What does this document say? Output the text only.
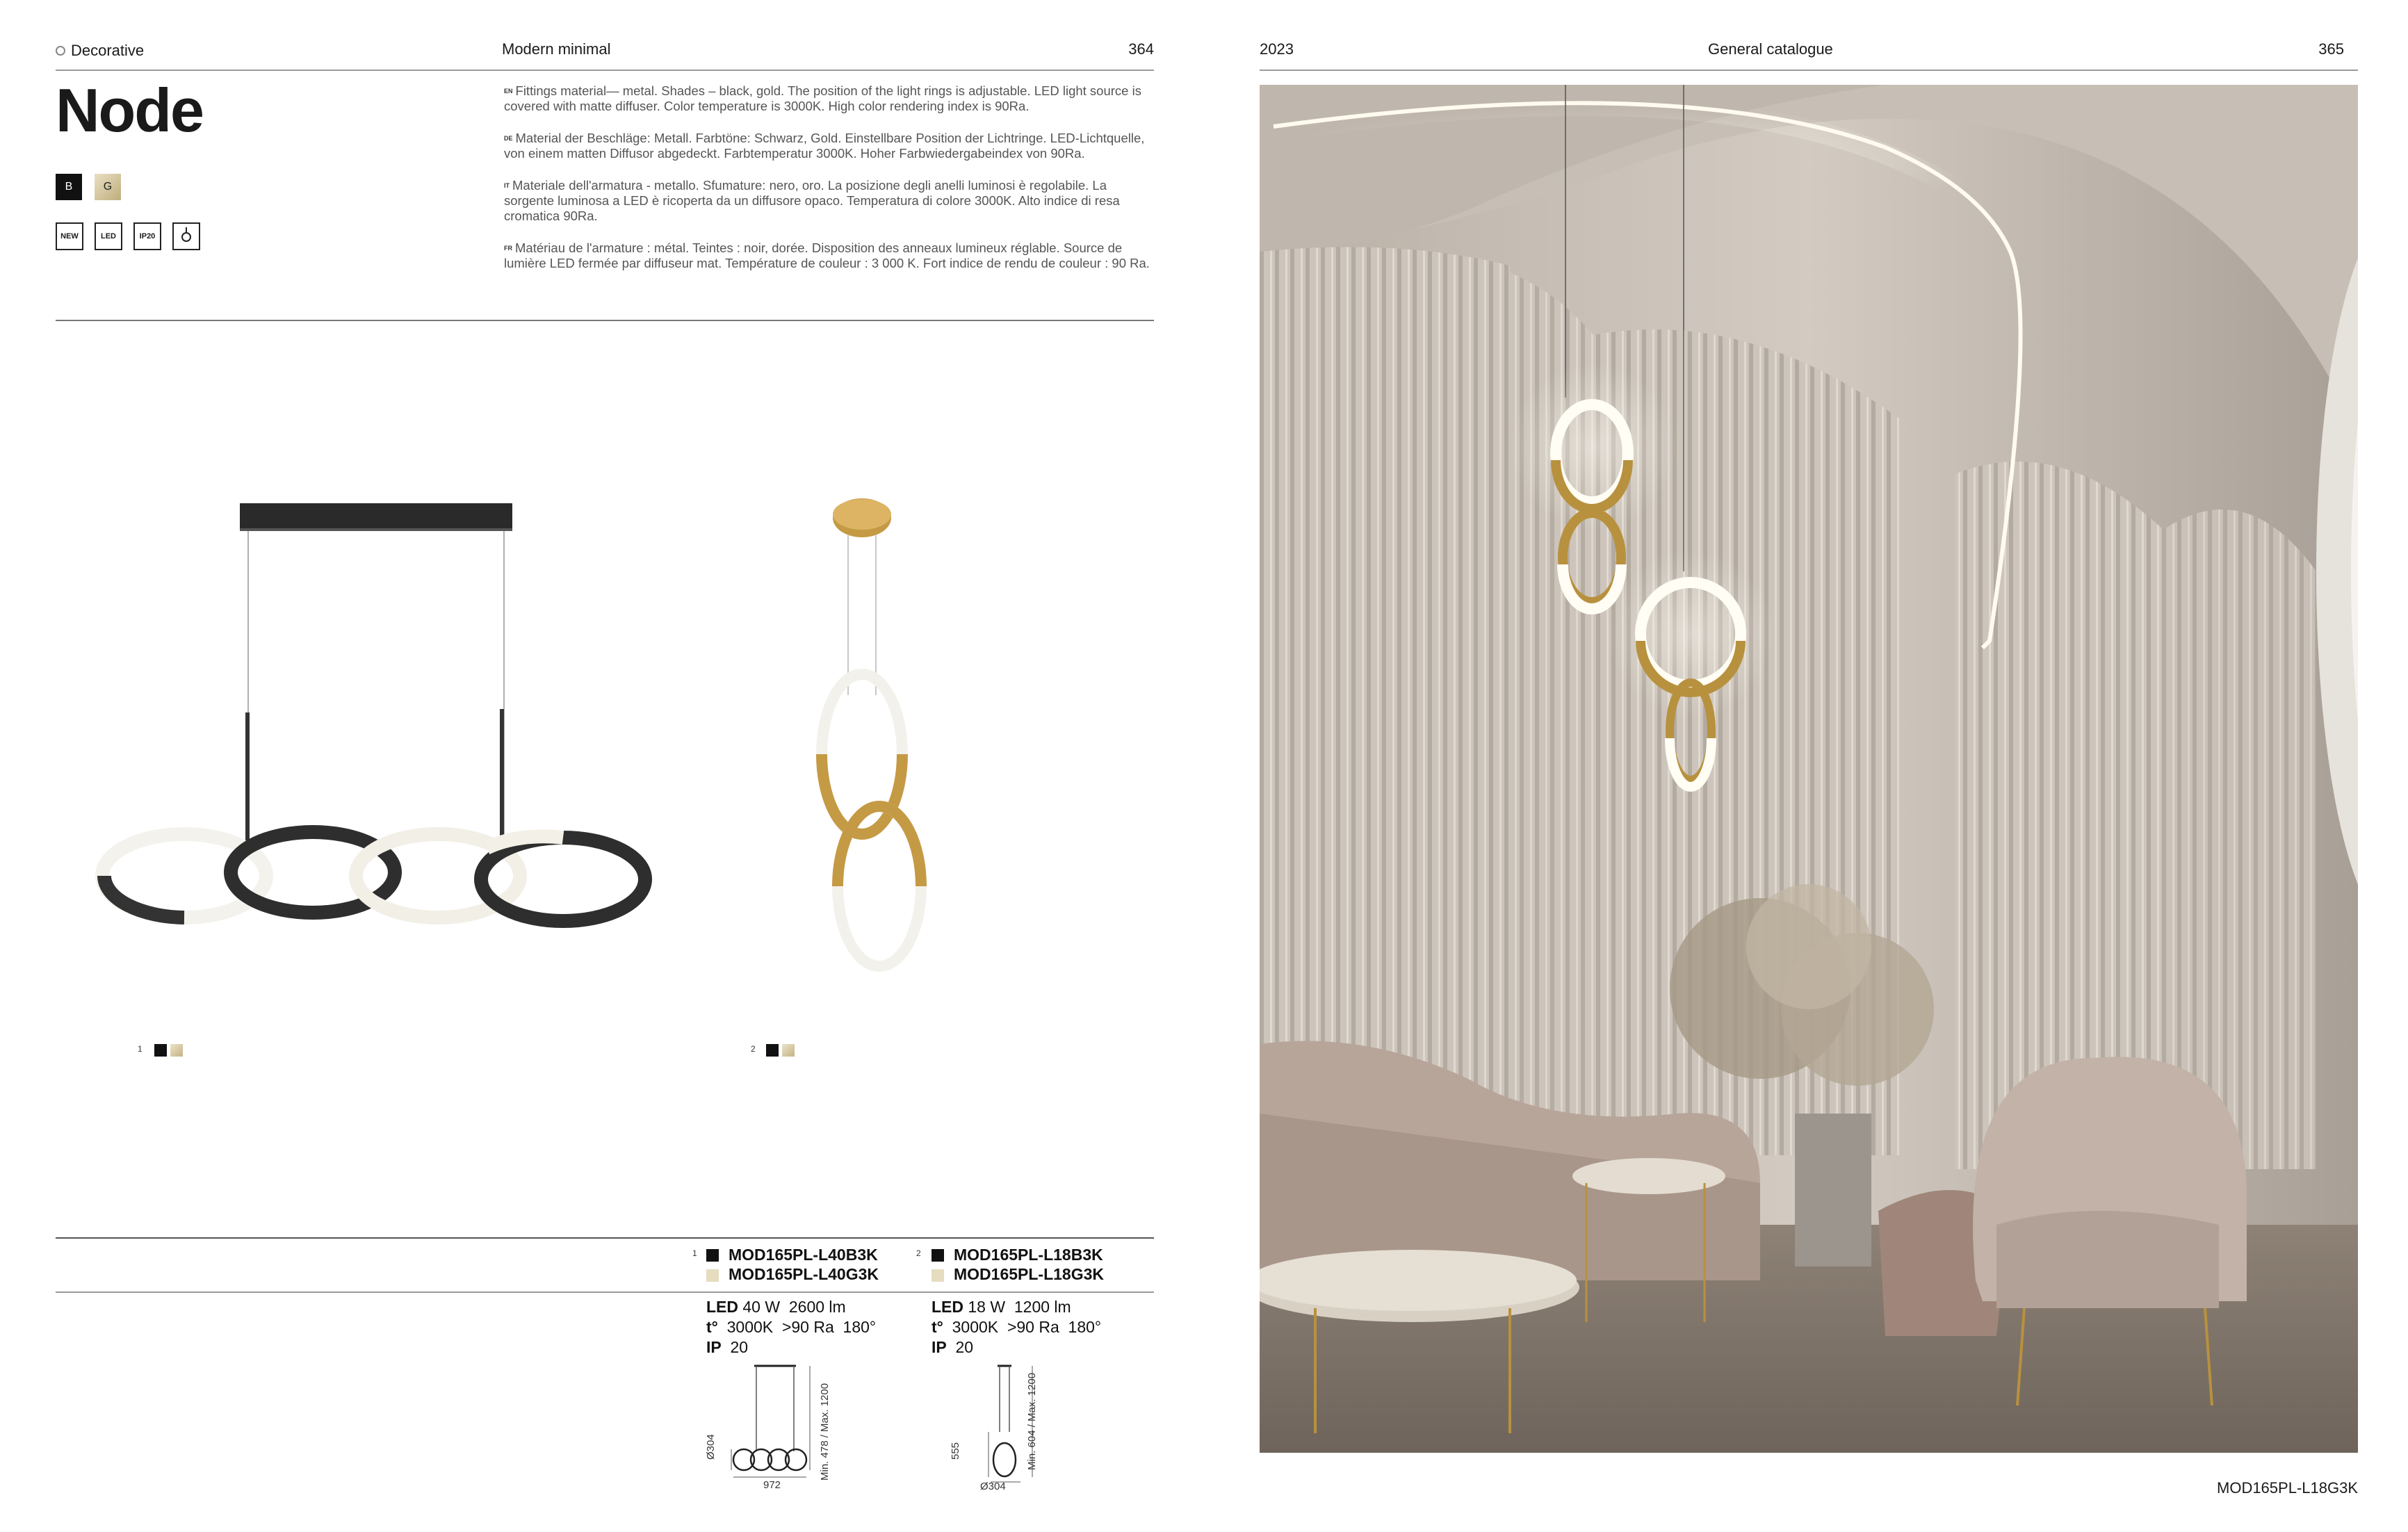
Decorative	Modern minimal	364
Node
B	G
NEW	LED	IP20

$^{EN}$ Fittings material— metal. Shades – black, gold. The position of the light rings is adjustable. LED light source is covered with matte diffuser. Color temperature is 3000K. High color rendering index is 90Ra.

$^{DE}$ Material der Beschläge: Metall. Farbtöne: Schwarz, Gold. Einstellbare Position der Lichtringe. LED-Lichtquelle, von einem matten Diffusor abgedeckt. Farbtemperatur 3000K. Hoher Farbwiedergabeindex von 90Ra.

$^{IT}$ Materiale dell'armatura - metallo. Sfumature: nero, oro. La posizione degli anelli luminosi è regolabile. La sorgente luminosa a LED è ricoperta da un diffusore opaco. Temperatura di colore 3000K. Alto indice di resa cromatica 90Ra.

$^{FR}$ Matériau de l'armature : métal. Teintes : noir, dorée. Disposition des anneaux lumineux réglable. Source de lumière LED fermée par diffuseur mat. Température de couleur : 3 000 K. Fort indice de rendu de couleur : 90 Ra.

1	2
1 MOD165PL-L40B3K
MOD165PL-L40G3K
2 MOD165PL-L18B3K
MOD165PL-L18G3K
LED 40 W 2600 lm
t° 3000K >90 Ra 180°
IP 20
LED 18 W 1200 lm
t° 3000K >90 Ra 180°
IP 20
Ø304	Min. 478 / Max. 1200
972
555	Min. 604 / Max. 1200
Ø304
2023	General catalogue	365
MOD165PL-L18G3K
